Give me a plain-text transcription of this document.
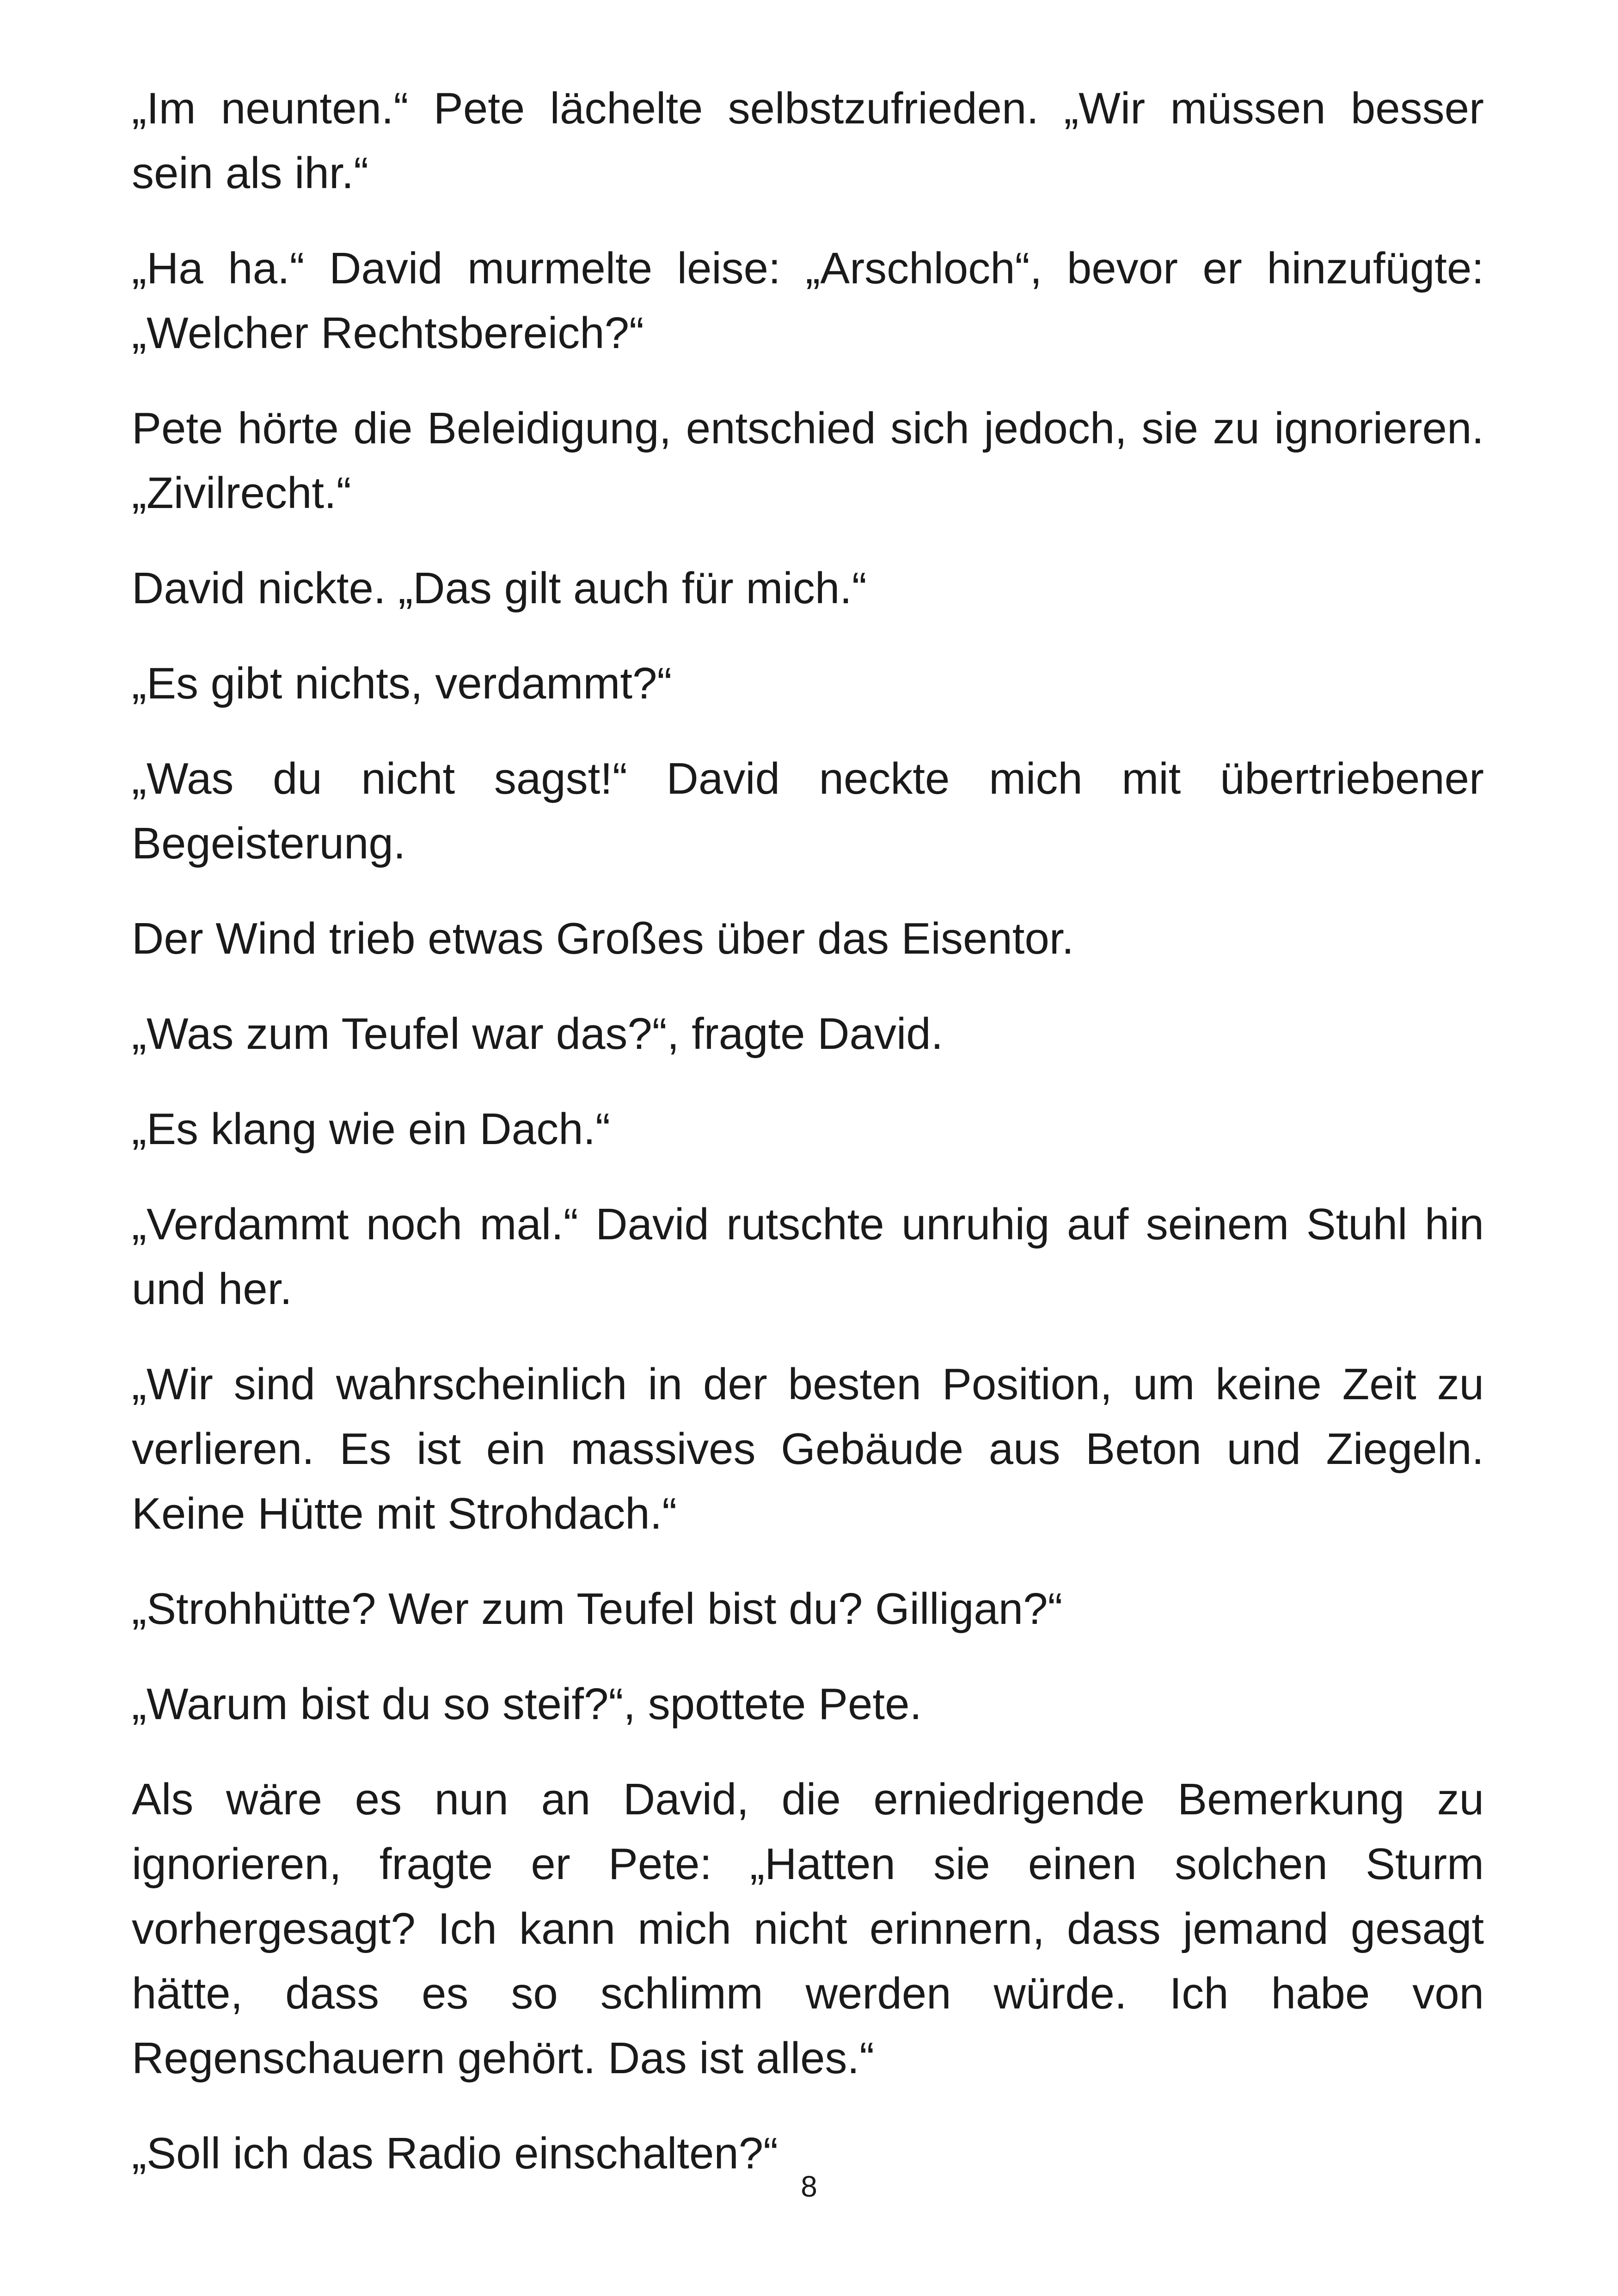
„Im neunten.“ Pete lächelte selbstzufrieden. „Wir müssen besser sein als ihr.“

„Ha ha.“ David murmelte leise: „Arschloch“, bevor er hinzufügte: „Welcher Rechtsbereich?“

Pete hörte die Beleidigung, entschied sich jedoch, sie zu ignorieren. „Zivilrecht.“

David nickte. „Das gilt auch für mich.“

„Es gibt nichts, verdammt?“

„Was du nicht sagst!“ David neckte mich mit übertriebener Begeisterung.

Der Wind trieb etwas Großes über das Eisentor.

„Was zum Teufel war das?“, fragte David.

„Es klang wie ein Dach.“

„Verdammt noch mal.“ David rutschte unruhig auf seinem Stuhl hin und her.

„Wir sind wahrscheinlich in der besten Position, um keine Zeit zu verlieren. Es ist ein massives Gebäude aus Beton und Ziegeln. Keine Hütte mit Strohdach.“

„Strohhütte? Wer zum Teufel bist du? Gilligan?“

„Warum bist du so steif?“, spottete Pete.

Als wäre es nun an David, die erniedrigende Bemerkung zu ignorieren, fragte er Pete: „Hatten sie einen solchen Sturm vorhergesagt? Ich kann mich nicht erinnern, dass jemand gesagt hätte, dass es so schlimm werden würde. Ich habe von Regenschauern gehört. Das ist alles.“

„Soll ich das Radio einschalten?“

8
